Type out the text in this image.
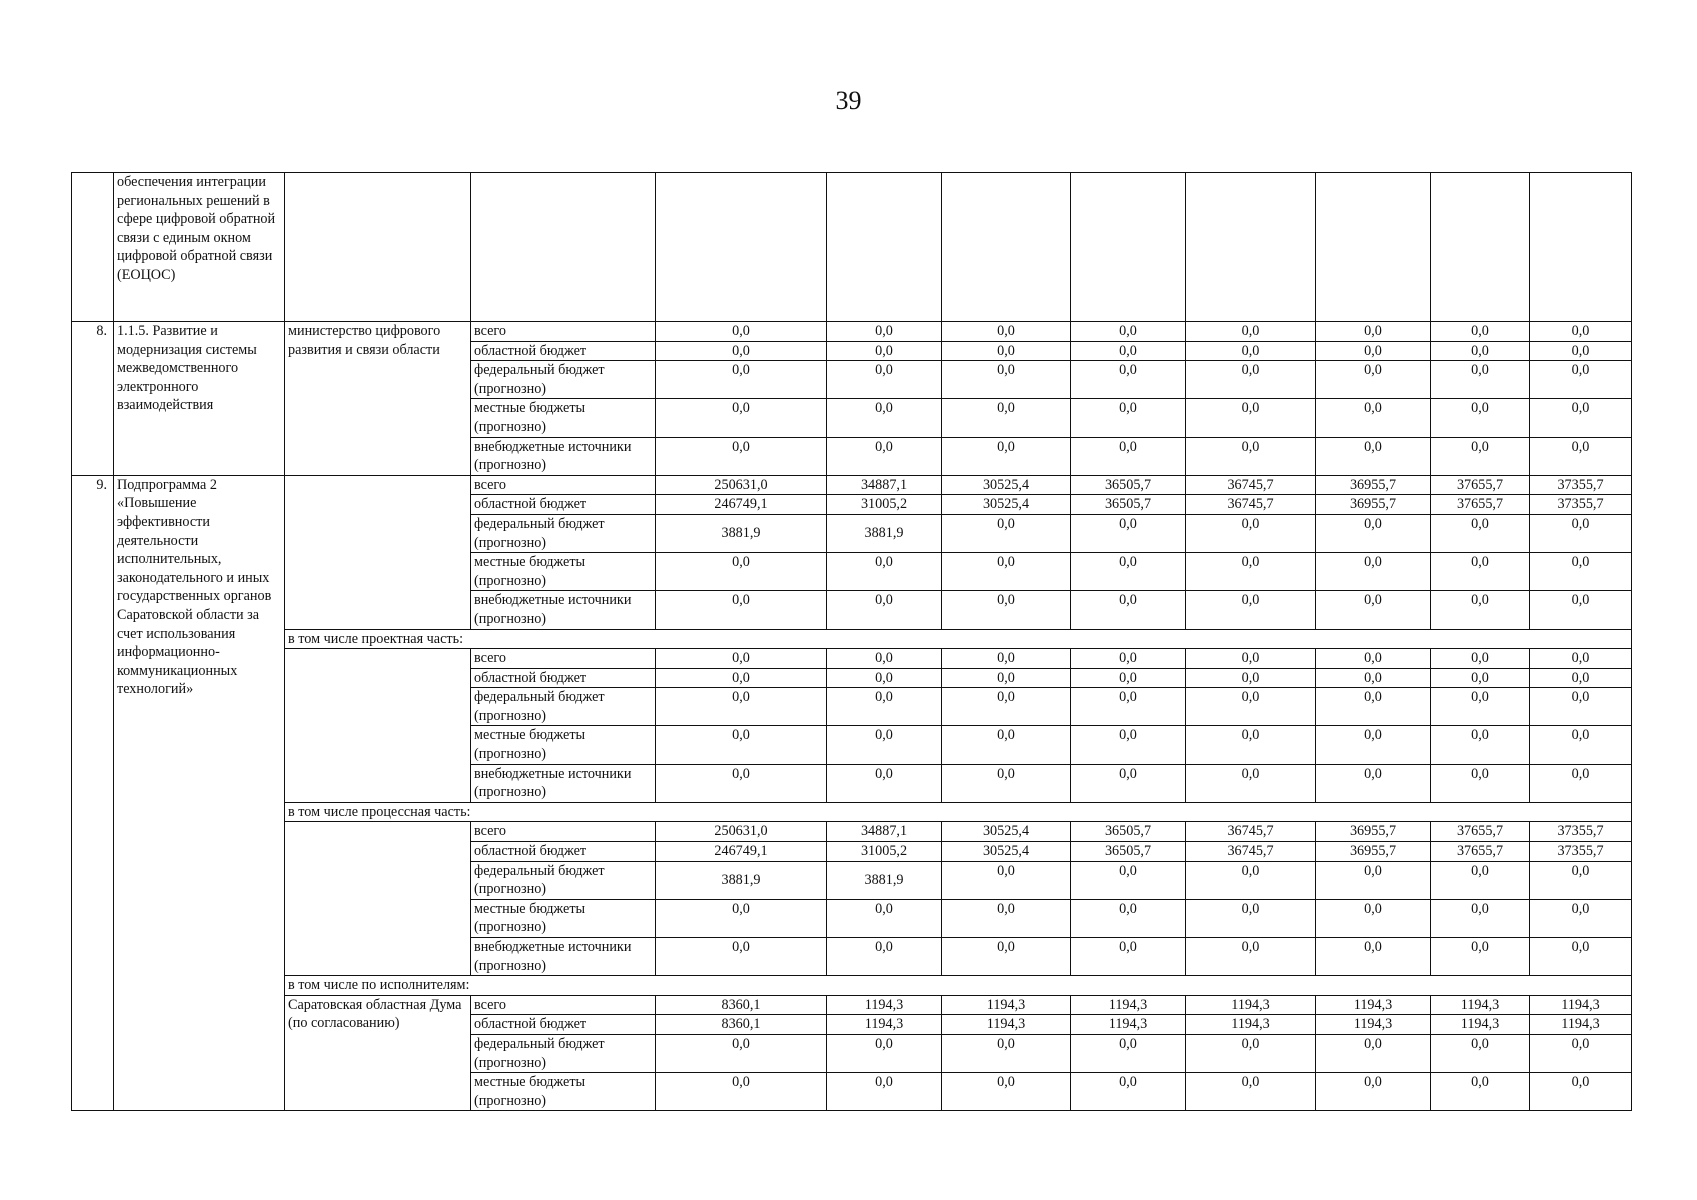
39
	обеспечения интеграции региональных решений в сфере цифровой обратной связи с единым окном цифровой обратной связи (ЕОЦОС)										
8.	1.1.5. Развитие и модернизация системы межведомственного электронного взаимодействия	министерство цифрового развития и связи области	всего	0,0	0,0	0,0	0,0	0,0	0,0	0,0	0,0
			областной бюджет	0,0	0,0	0,0	0,0	0,0	0,0	0,0	0,0
			федеральный бюджет (прогнозно)	0,0	0,0	0,0	0,0	0,0	0,0	0,0	0,0
			местные бюджеты (прогнозно)	0,0	0,0	0,0	0,0	0,0	0,0	0,0	0,0
			внебюджетные источники (прогнозно)	0,0	0,0	0,0	0,0	0,0	0,0	0,0	0,0
9.	Подпрограмма 2 «Повышение эффективности деятельности исполнительных, законодательного и иных государственных органов Саратовской области за счет использования информационно-коммуникационных технологий»		всего	250631,0	34887,1	30525,4	36505,7	36745,7	36955,7	37655,7	37355,7
			областной бюджет	246749,1	31005,2	30525,4	36505,7	36745,7	36955,7	37655,7	37355,7
			федеральный бюджет (прогнозно)	3881,9	3881,9	0,0	0,0	0,0	0,0	0,0	0,0
			местные бюджеты (прогнозно)	0,0	0,0	0,0	0,0	0,0	0,0	0,0	0,0
			внебюджетные источники (прогнозно)	0,0	0,0	0,0	0,0	0,0	0,0	0,0	0,0
		в том числе проектная часть:									
			всего	0,0	0,0	0,0	0,0	0,0	0,0	0,0	0,0
			областной бюджет	0,0	0,0	0,0	0,0	0,0	0,0	0,0	0,0
			федеральный бюджет (прогнозно)	0,0	0,0	0,0	0,0	0,0	0,0	0,0	0,0
			местные бюджеты (прогнозно)	0,0	0,0	0,0	0,0	0,0	0,0	0,0	0,0
			внебюджетные источники (прогнозно)	0,0	0,0	0,0	0,0	0,0	0,0	0,0	0,0
		в том числе процессная часть:									
			всего	250631,0	34887,1	30525,4	36505,7	36745,7	36955,7	37655,7	37355,7
			областной бюджет	246749,1	31005,2	30525,4	36505,7	36745,7	36955,7	37655,7	37355,7
			федеральный бюджет (прогнозно)	3881,9	3881,9	0,0	0,0	0,0	0,0	0,0	0,0
			местные бюджеты (прогнозно)	0,0	0,0	0,0	0,0	0,0	0,0	0,0	0,0
			внебюджетные источники (прогнозно)	0,0	0,0	0,0	0,0	0,0	0,0	0,0	0,0
		в том числе по исполнителям:									
		Саратовская областная Дума (по согласованию)	всего	8360,1	1194,3	1194,3	1194,3	1194,3	1194,3	1194,3	1194,3
			областной бюджет	8360,1	1194,3	1194,3	1194,3	1194,3	1194,3	1194,3	1194,3
			федеральный бюджет (прогнозно)	0,0	0,0	0,0	0,0	0,0	0,0	0,0	0,0
			местные бюджеты (прогнозно)	0,0	0,0	0,0	0,0	0,0	0,0	0,0	0,0
